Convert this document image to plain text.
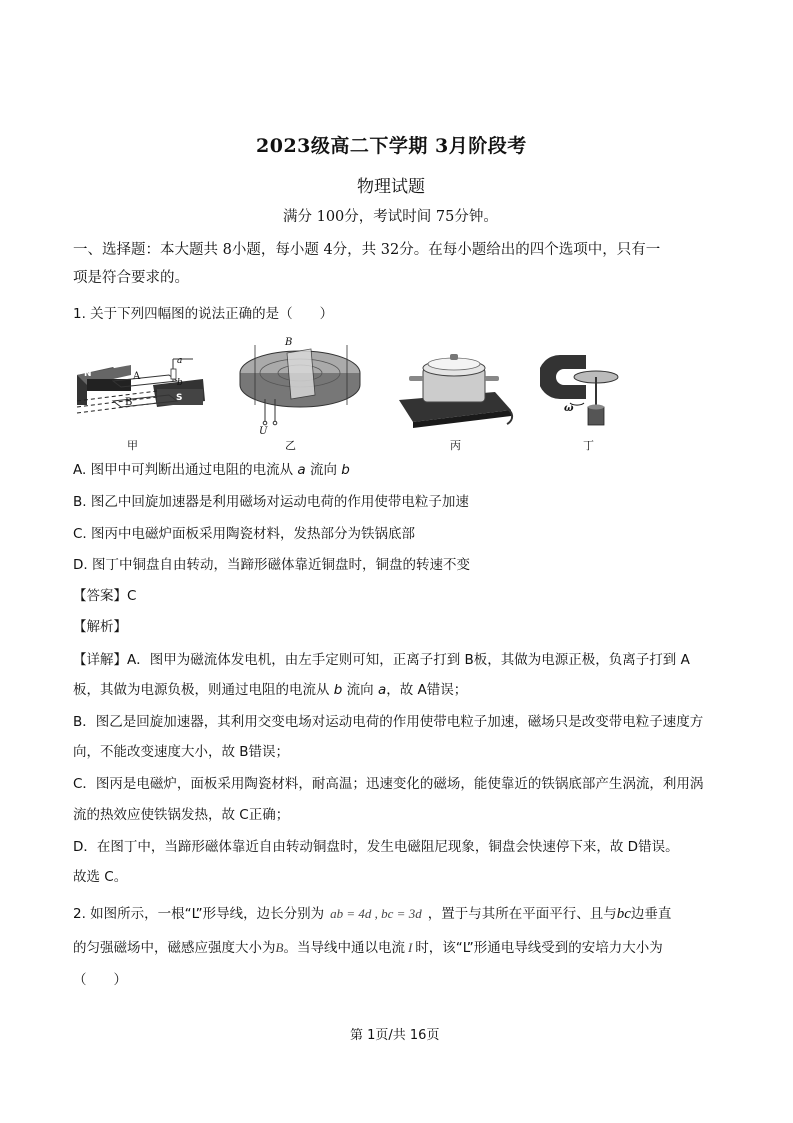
2023级高二下学期 3月阶段考
物理试题
满分 100分，考试时间 75分钟。
一、选择题：本大题共 8小题，每小题 4分，共 32分。在每小题给出的四个选项中，只有一
项是符合要求的。
1. 关于下列四幅图的说法正确的是（　　）
N
S
A
B
a
b
甲
B
U
乙	丙
ω
丁
A. 图甲中可判断出通过电阻的电流从 a 流向 b
B. 图乙中回旋加速器是利用磁场对运动电荷的作用使带电粒子加速
C. 图丙中电磁炉面板采用陶瓷材料，发热部分为铁锅底部
D. 图丁中铜盘自由转动，当蹄形磁体靠近铜盘时，铜盘的转速不变
【答案】C
【解析】
【详解】A．图甲为磁流体发电机，由左手定则可知，正离子打到 B板，其做为电源正极，负离子打到 A
板，其做为电源负极，则通过电阻的电流从 b 流向 a，故 A错误；
B．图乙是回旋加速器，其利用交变电场对运动电荷的作用使带电粒子加速，磁场只是改变带电粒子速度方
向，不能改变速度大小，故 B错误；
C．图丙是电磁炉，面板采用陶瓷材料，耐高温；迅速变化的磁场，能使靠近的铁锅底部产生涡流，利用涡
流的热效应使铁锅发热，故 C正确；
D．在图丁中，当蹄形磁体靠近自由转动铜盘时，发生电磁阻尼现象，铜盘会快速停下来，故 D错误。
故选 C。
2. 如图所示，一根“L”形导线，边长分别为 ab = 4d , bc = 3d ，置于与其所在平面平行、且与bc边垂直
的匀强磁场中，磁感应强度大小为B。当导线中通以电流 I 时，该“L”形通电导线受到的安培力大小为
（　　）
第 1页/共 16页
